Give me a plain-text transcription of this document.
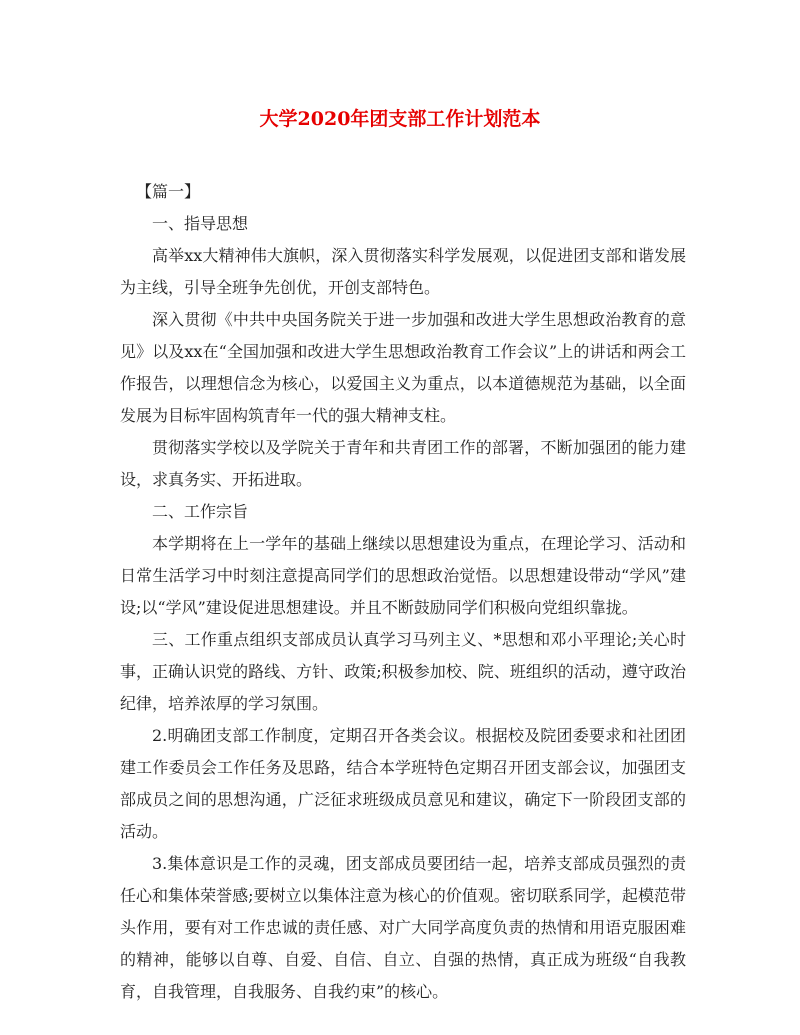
大学2020年团支部工作计划范本

【篇一】

一、指导思想

高举xx大精神伟大旗帜，深入贯彻落实科学发展观，以促进团支部和谐发展为主线，引导全班争先创优，开创支部特色。

深入贯彻《中共中央国务院关于进一步加强和改进大学生思想政治教育的意见》以及xx在“全国加强和改进大学生思想政治教育工作会议”上的讲话和两会工作报告，以理想信念为核心，以爱国主义为重点，以本道德规范为基础，以全面发展为目标牢固构筑青年一代的强大精神支柱。

贯彻落实学校以及学院关于青年和共青团工作的部署，不断加强团的能力建设，求真务实、开拓进取。

二、工作宗旨

本学期将在上一学年的基础上继续以思想建设为重点，在理论学习、活动和日常生活学习中时刻注意提高同学们的思想政治觉悟。以思想建设带动“学风”建设;以“学风”建设促进思想建设。并且不断鼓励同学们积极向党组织靠拢。

三、工作重点组织支部成员认真学习马列主义、*思想和邓小平理论;关心时事，正确认识党的路线、方针、政策;积极参加校、院、班组织的活动，遵守政治纪律，培养浓厚的学习氛围。

2.明确团支部工作制度，定期召开各类会议。根据校及院团委要求和社团团建工作委员会工作任务及思路，结合本学班特色定期召开团支部会议，加强团支部成员之间的思想沟通，广泛征求班级成员意见和建议，确定下一阶段团支部的活动。

3.集体意识是工作的灵魂，团支部成员要团结一起，培养支部成员强烈的责任心和集体荣誉感;要树立以集体注意为核心的价值观。密切联系同学，起模范带头作用，要有对工作忠诚的责任感、对广大同学高度负责的热情和用语克服困难的精神，能够以自尊、自爱、自信、自立、自强的热情，真正成为班级“自我教育，自我管理，自我服务、自我约束”的核心。
